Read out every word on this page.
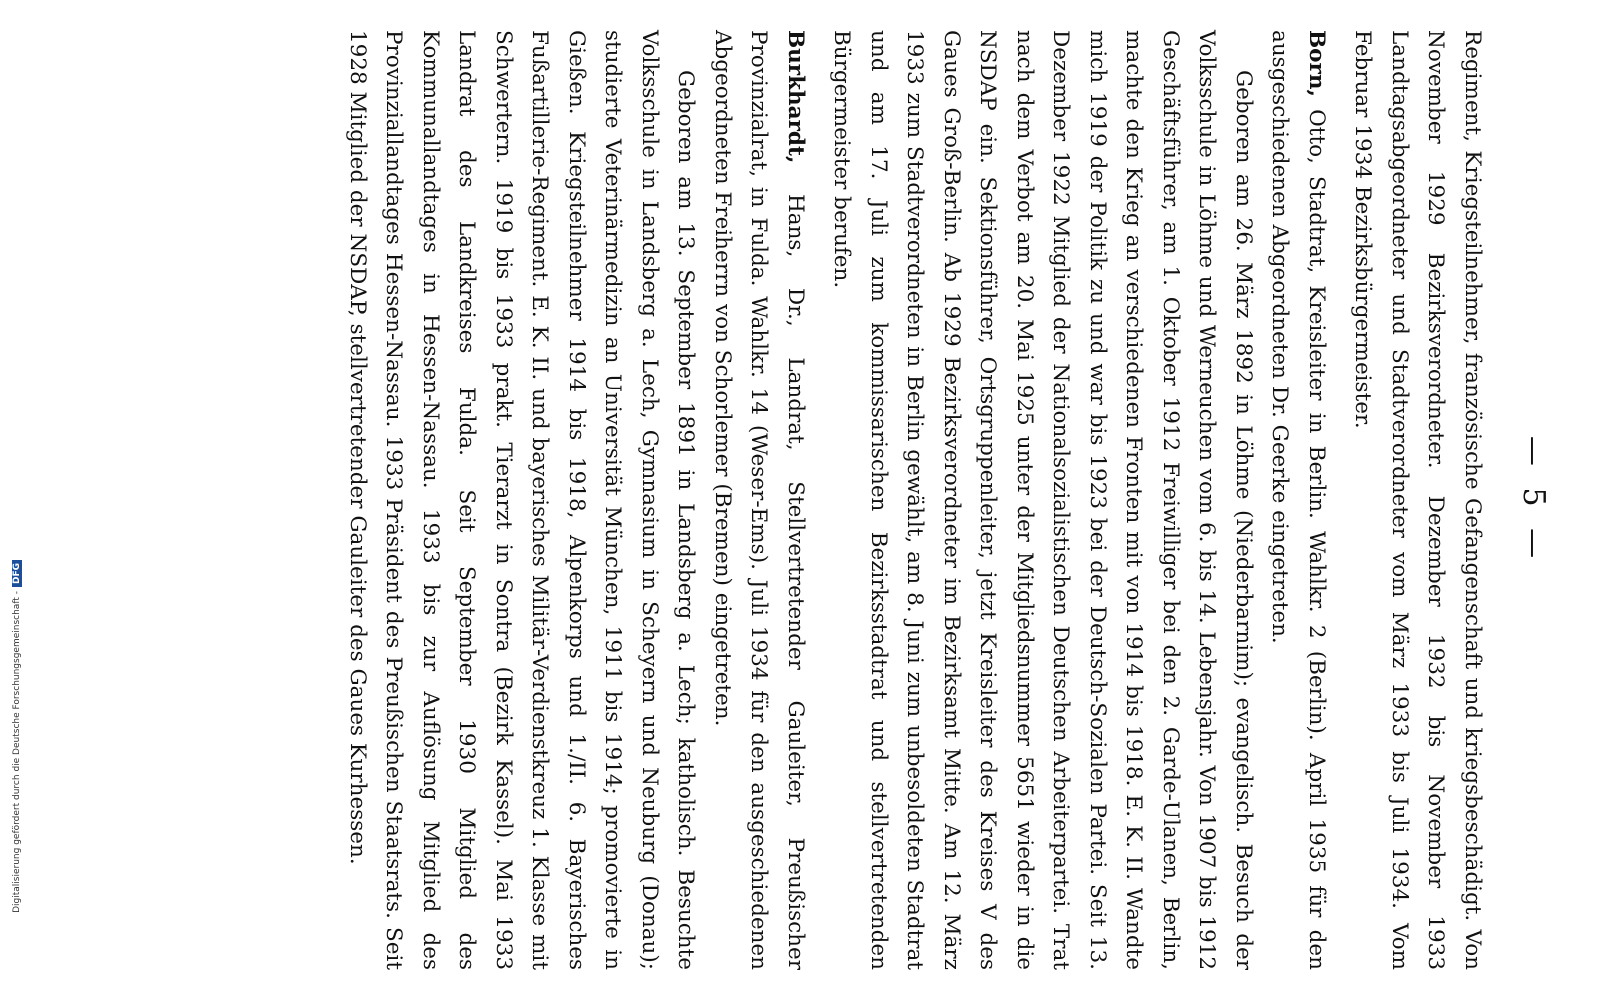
— 5 —

Regiment, Kriegsteilnehmer, französische Gefangenschaft und kriegsbeschädigt. Von November 1929 Bezirksverordneter. Dezember 1932 bis November 1933 Landtagsabgeordneter und Stadtverordneter vom März 1933 bis Juli 1934. Vom Februar 1934 Bezirksbürgermeister.

Born, Otto, Stadtrat, Kreisleiter in Berlin. Wahlkr. 2 (Berlin). April 1935 für den ausgeschiedenen Abgeordneten Dr. Geerke eingetreten.

Geboren am 26. März 1892 in Löhme (Niederbarnim); evangelisch. Besuch der Volksschule in Löhme und Werneuchen vom 6. bis 14. Lebensjahr. Von 1907 bis 1912 Geschäftsführer, am 1. Oktober 1912 Freiwilliger bei den 2. Garde-Ulanen, Berlin, machte den Krieg an verschiedenen Fronten mit von 1914 bis 1918. E. K. II. Wandte mich 1919 der Politik zu und war bis 1923 bei der Deutsch-Sozialen Partei. Seit 13. Dezember 1922 Mitglied der Nationalsozialistischen Deutschen Arbeiterpartei. Trat nach dem Verbot am 20. Mai 1925 unter der Mitgliedsnummer 5651 wieder in die NSDAP ein. Sektionsführer, Ortsgruppenleiter, jetzt Kreisleiter des Kreises V des Gaues Groß-Berlin. Ab 1929 Bezirksverordneter im Bezirksamt Mitte. Am 12. März 1933 zum Stadtverordneten in Berlin gewählt, am 8. Juni zum unbesoldeten Stadtrat und am 17. Juli zum kommissarischen Bezirksstadtrat und stellvertretenden Bürgermeister berufen.

Burkhardt, Hans, Dr., Landrat, Stellvertretender Gauleiter, Preußischer Provinzialrat, in Fulda. Wahlkr. 14 (Weser-Ems). Juli 1934 für den ausgeschiedenen Abgeordneten Freiherrn von Schorlemer (Bremen) eingetreten.

Geboren am 13. September 1891 in Landsberg a. Lech; katholisch. Besuchte Volksschule in Landsberg a. Lech, Gymnasium in Scheyern und Neuburg (Donau); studierte Veterinärmedizin an Universität München, 1911 bis 1914; promovierte in Gießen. Kriegsteilnehmer 1914 bis 1918, Alpenkorps und 1./II. 6. Bayerisches Fußartillerie-Regiment. E. K. II. und bayerisches Militär-Verdienstkreuz 1. Klasse mit Schwertern. 1919 bis 1933 prakt. Tierarzt in Sontra (Bezirk Kassel). Mai 1933 Landrat des Landkreises Fulda. Seit September 1930 Mitglied des Kommunallandtages in Hessen-Nassau. 1933 bis zur Auflösung Mitglied des Provinziallandtages Hessen-Nassau. 1933 Präsident des Preußischen Staatsrats. Seit 1928 Mitglied der NSDAP, stellvertretender Gauleiter des Gaues Kurhessen.

Digitalisierung gefördert durch die Deutsche Forschungsgemeinschaft -DFG
